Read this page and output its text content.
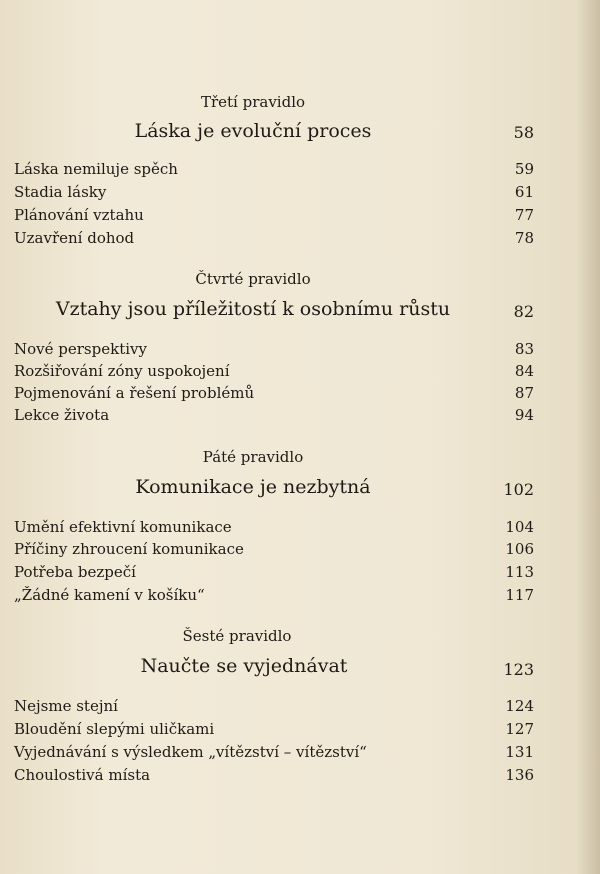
Třetí pravidlo
Láska je evoluční proces	58
Láska nemiluje spěch	59
Stadia lásky	61
Plánování vztahu	77
Uzavření dohod	78
Čtvrté pravidlo
Vztahy jsou příležitostí k osobnímu růstu	82
Nové perspektivy	83
Rozšiřování zóny uspokojení	84
Pojmenování a řešení problémů	87
Lekce života	94
Páté pravidlo
Komunikace je nezbytná	102
Umění efektivní komunikace	104
Příčiny zhroucení komunikace	106
Potřeba bezpečí	113
„Žádné kamení v košíku“	117
Šesté pravidlo
Naučte se vyjednávat	123
Nejsme stejní	124
Bloudění slepými uličkami	127
Vyjednávání s výsledkem „vítězství – vítězství“	131
Choulostivá místa	136
